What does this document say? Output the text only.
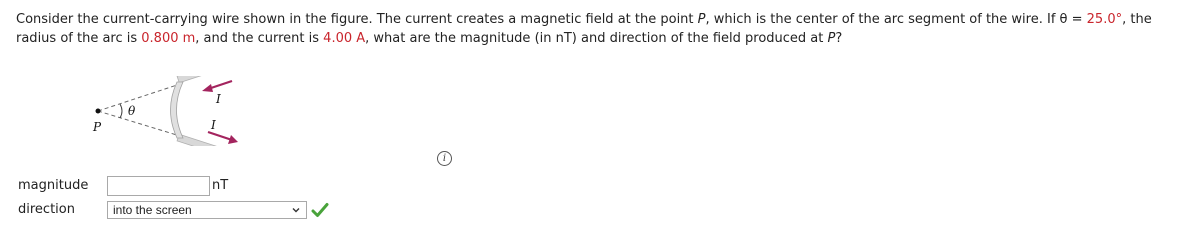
Consider the current-carrying wire shown in the figure. The current creates a magnetic field at the point P, which is the center of the arc segment of the wire. If θ = 25.0°, the radius of the arc is 0.800 m, and the current is 4.00 A, what are the magnitude (in nT) and direction of the field produced at P?
P
θ
I
I
i
magnitude	nT
direction	into the screen
